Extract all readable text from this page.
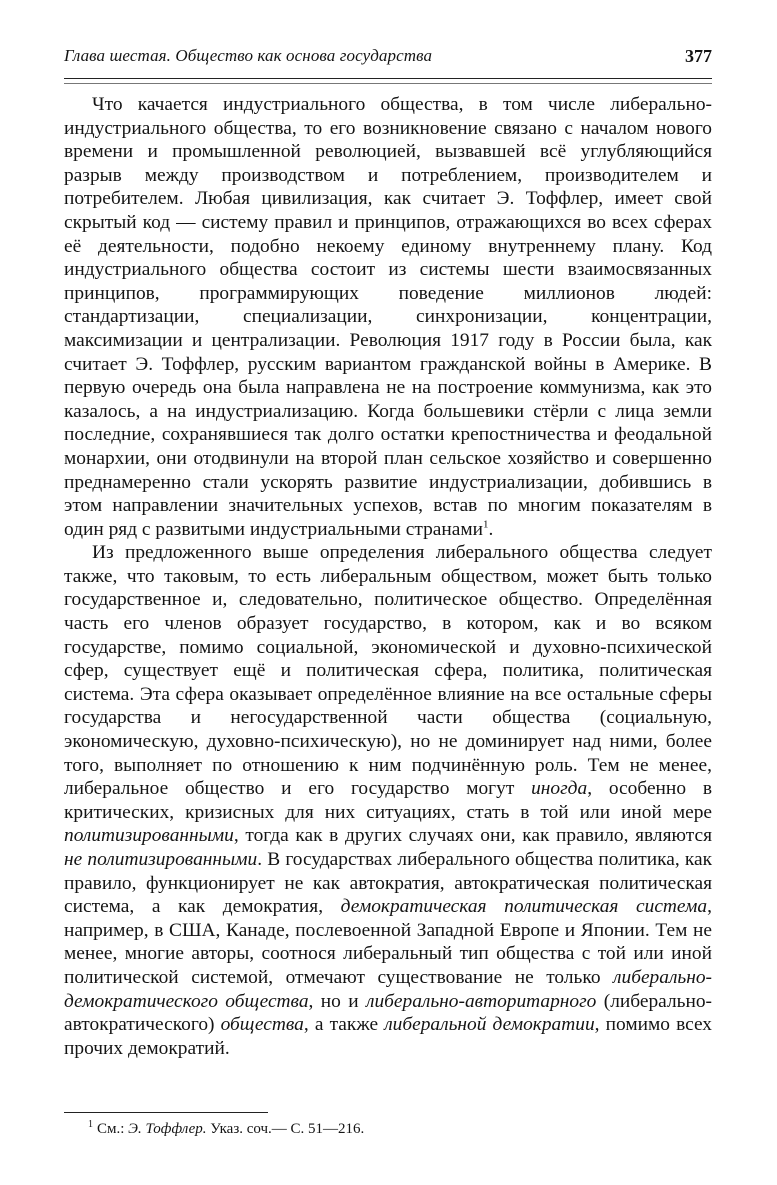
Глава шестая. Общество как основа государства	377

Что качается индустриального общества, в том числе либерально-индустриального общества, то его возникновение связано с началом нового времени и промышленной революцией, вызвавшей всё углубляющийся разрыв между производством и потреблением, производителем и потребителем. Любая цивилизация, как считает Э. Тоффлер, имеет свой скрытый код — систему правил и принципов, отражающихся во всех сферах её деятельности, подобно некоему единому внутреннему плану. Код индустриального общества состоит из системы шести взаимосвязанных принципов, программирующих поведение миллионов людей: стандартизации, специализации, синхронизации, концентрации, максимизации и централизации. Революция 1917 году в России была, как считает Э. Тоффлер, русским вариантом гражданской войны в Америке. В первую очередь она была направлена не на построение коммунизма, как это казалось, а на индустриализацию. Когда большевики стёрли с лица земли последние, сохранявшиеся так долго остатки крепостничества и феодальной монархии, они отодвинули на второй план сельское хозяйство и совершенно преднамеренно стали ускорять развитие индустриализации, добившись в этом направлении значительных успехов, встав по многим показателям в один ряд с развитыми индустриальными странами$^1$.

Из предложенного выше определения либерального общества следует также, что таковым, то есть либеральным обществом, может быть только государственное и, следовательно, политическое общество. Определённая часть его членов образует государство, в котором, как и во всяком государстве, помимо социальной, экономической и духовно-психической сфер, существует ещё и политическая сфера, политика, политическая система. Эта сфера оказывает определённое влияние на все остальные сферы государства и негосударственной части общества (социальную, экономическую, духовно-психическую), но не доминирует над ними, более того, выполняет по отношению к ним подчинённую роль. Тем не менее, либеральное общество и его государство могут иногда, особенно в критических, кризисных для них ситуациях, стать в той или иной мере политизированными, тогда как в других случаях они, как правило, являются не политизированными. В государствах либерального общества политика, как правило, функционирует не как автократия, автократическая политическая система, а как демократия, демократическая политическая система, например, в США, Канаде, послевоенной Западной Европе и Японии. Тем не менее, многие авторы, соотнося либеральный тип общества с той или иной политической системой, отмечают существование не только либерально-демократического общества, но и либерально-авторитарного (либерально-автократического) общества, а также либеральной демократии, помимо всех прочих демократий.

$^1$ См.: Э. Тоффлер. Указ. соч.— С. 51—216.
